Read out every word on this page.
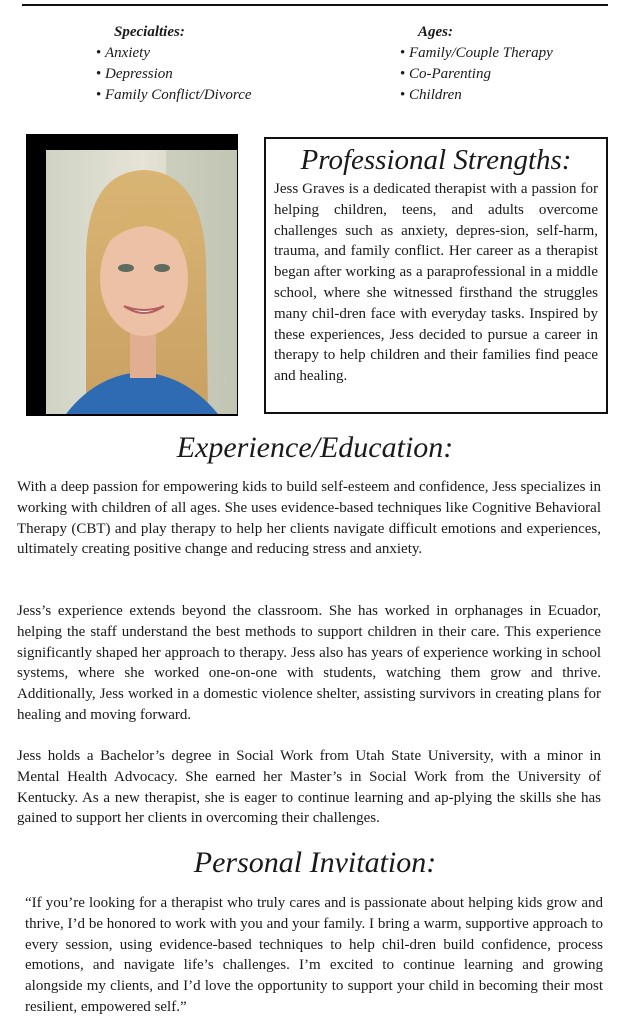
Specialties:
• Anxiety
• Depression
• Family Conflict/Divorce
Ages:
• Family/Couple Therapy
• Co-Parenting
• Children
Professional Strengths:

Jess Graves is a dedicated therapist with a passion for helping children, teens, and adults overcome challenges such as anxiety, depres-sion, self-harm, trauma, and family conflict. Her career as a therapist began after working as a paraprofessional in a middle school, where she witnessed firsthand the struggles many chil-dren face with everyday tasks. Inspired by these experiences, Jess decided to pursue a career in therapy to help children and their families find peace and healing.

Experience/Education:

With a deep passion for empowering kids to build self-esteem and confidence, Jess specializes in working with children of all ages. She uses evidence-based techniques like Cognitive Behavioral Therapy (CBT) and play therapy to help her clients navigate difficult emotions and experiences, ultimately creating positive change and reducing stress and anxiety.

Jess’s experience extends beyond the classroom. She has worked in orphanages in Ecuador, helping the staff understand the best methods to support children in their care. This experience significantly shaped her approach to therapy. Jess also has years of experience working in school systems, where she worked one-on-one with students, watching them grow and thrive. Additionally, Jess worked in a domestic violence shelter, assisting survivors in creating plans for healing and moving forward.

Jess holds a Bachelor’s degree in Social Work from Utah State University, with a minor in Mental Health Advocacy. She earned her Master’s in Social Work from the University of Kentucky. As a new therapist, she is eager to continue learning and ap-plying the skills she has gained to support her clients in overcoming their challenges.

Personal Invitation:

“If you’re looking for a therapist who truly cares and is passionate about helping kids grow and thrive, I’d be honored to work with you and your family. I bring a warm, supportive approach to every session, using evidence-based techniques to help chil-dren build confidence, process emotions, and navigate life’s challenges. I’m excited to continue learning and growing alongside my clients, and I’d love the opportunity to support your child in becoming their most resilient, empowered self.”
